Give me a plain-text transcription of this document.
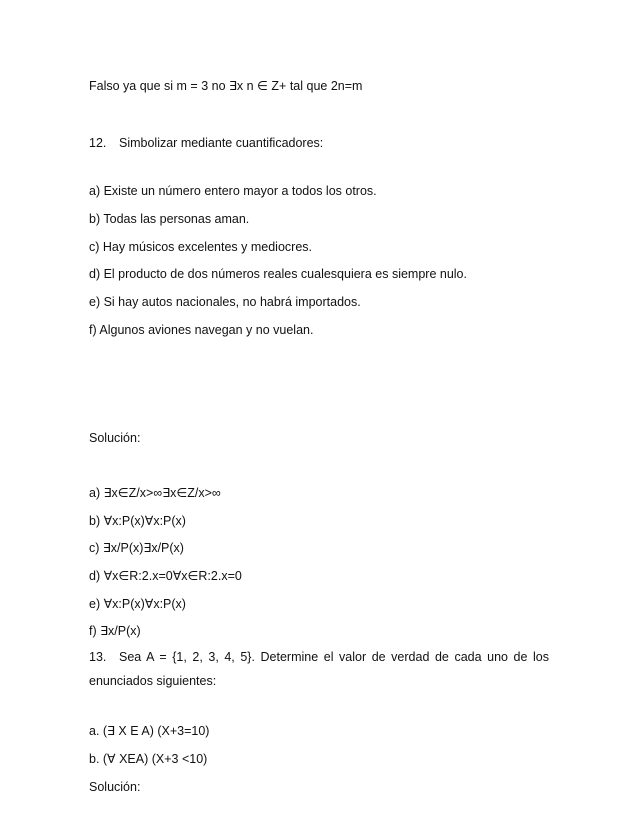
Falso ya que si m = 3 no ∃x n ∈ Z+ tal que 2n=m
12. Simbolizar mediante cuantificadores:
a) Existe un número entero mayor a todos los otros.
b) Todas las personas aman.
c) Hay músicos excelentes y mediocres.
d) El producto de dos números reales cualesquiera es siempre nulo.
e) Si hay autos nacionales, no habrá importados.
f) Algunos aviones navegan y no vuelan.
Solución:
a) ∃x∈Z/x>∞∃x∈Z/x>∞
b) ∀x:P(x)∀x:P(x)
c) ∃x/P(x)∃x/P(x)
d) ∀x∈R:2.x=0∀x∈R:2.x=0
e) ∀x:P(x)∀x:P(x)
f) ∃x/P(x)
13. Sea A = {1, 2, 3, 4, 5}. Determine el valor de verdad de cada uno de los enunciados siguientes:
a. (∃ X E A) (X+3=10)
b. (∀ XEA) (X+3 <10)
Solución:
